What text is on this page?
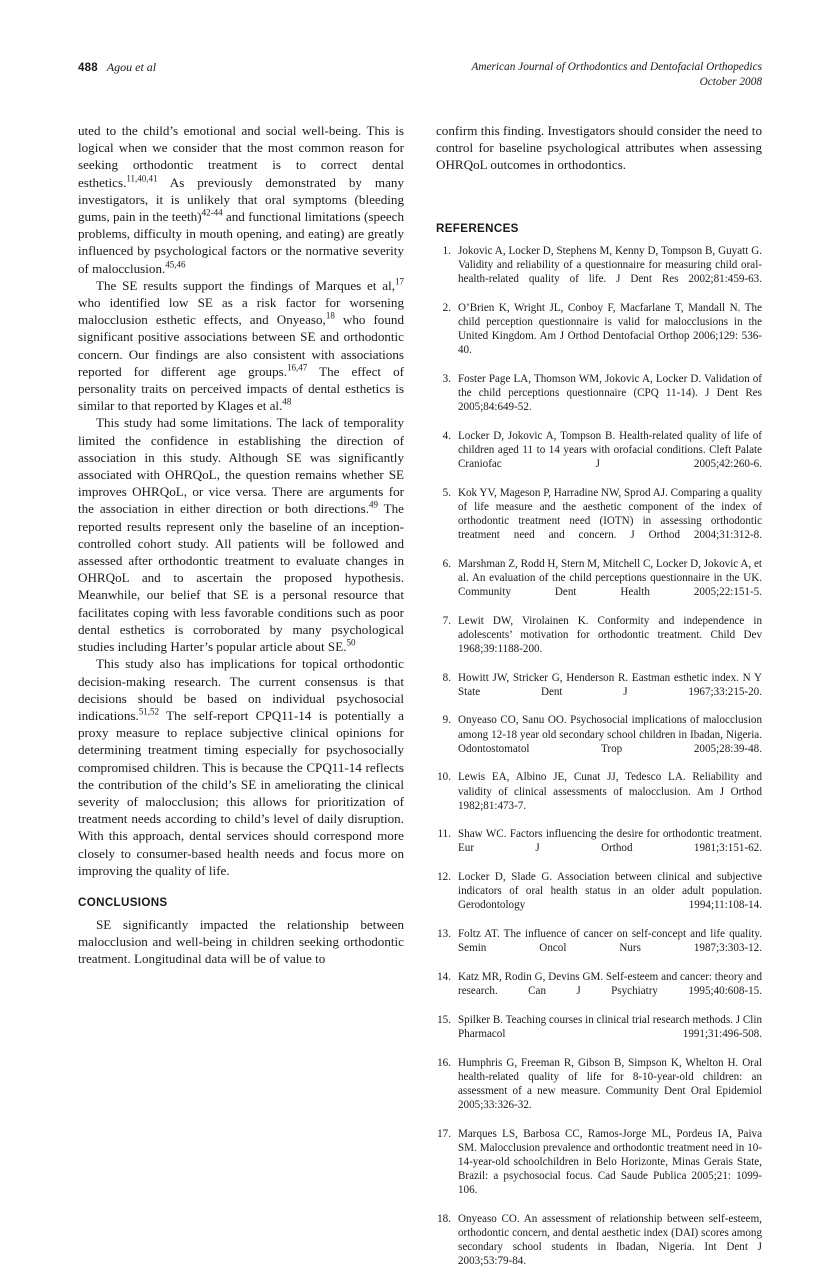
488 Agou et al	American Journal of Orthodontics and Dentofacial Orthopedics
October 2008

uted to the child’s emotional and social well-being. This is logical when we consider that the most common reason for seeking orthodontic treatment is to correct dental esthetics.$^{11,40,41}$ As previously demonstrated by many investigators, it is unlikely that oral symptoms (bleeding gums, pain in the teeth)$^{42-44}$ and functional limitations (speech problems, difficulty in mouth opening, and eating) are greatly influenced by psychological factors or the normative severity of malocclusion.$^{45,46}$

The SE results support the findings of Marques et al,$^{17}$ who identified low SE as a risk factor for worsening malocclusion esthetic effects, and Onyeaso,$^{18}$ who found significant positive associations between SE and orthodontic concern. Our findings are also consistent with associations reported for different age groups.$^{16,47}$ The effect of personality traits on perceived impacts of dental esthetics is similar to that reported by Klages et al.$^{48}$

This study had some limitations. The lack of temporality limited the confidence in establishing the direction of association in this study. Although SE was significantly associated with OHRQoL, the question remains whether SE improves OHRQoL, or vice versa. There are arguments for the association in either direction or both directions.$^{49}$ The reported results represent only the baseline of an inception-controlled cohort study. All patients will be followed and assessed after orthodontic treatment to evaluate changes in OHRQoL and to ascertain the proposed hypothesis. Meanwhile, our belief that SE is a personal resource that facilitates coping with less favorable conditions such as poor dental esthetics is corroborated by many psychological studies including Harter’s popular article about SE.$^{50}$

This study also has implications for topical orthodontic decision-making research. The current consensus is that decisions should be based on individual psychosocial indications.$^{51,52}$ The self-report CPQ11-14 is potentially a proxy measure to replace subjective clinical opinions for determining treatment timing especially for psychosocially compromised children. This is because the CPQ11-14 reflects the contribution of the child’s SE in ameliorating the clinical severity of malocclusion; this allows for prioritization of treatment needs according to child’s level of daily disruption. With this approach, dental services should correspond more closely to consumer-based health needs and focus more on improving the quality of life.

CONCLUSIONS

SE significantly impacted the relationship between malocclusion and well-being in children seeking orthodontic treatment. Longitudinal data will be of value to

confirm this finding. Investigators should consider the need to control for baseline psychological attributes when assessing OHRQoL outcomes in orthodontics.

REFERENCES
1. Jokovic A, Locker D, Stephens M, Kenny D, Tompson B, Guyatt G. Validity and reliability of a questionnaire for measuring child oral-health-related quality of life. J Dent Res 2002;81:459-63.
2. O’Brien K, Wright JL, Conboy F, Macfarlane T, Mandall N. The child perception questionnaire is valid for malocclusions in the United Kingdom. Am J Orthod Dentofacial Orthop 2006;129: 536-40.
3. Foster Page LA, Thomson WM, Jokovic A, Locker D. Validation of the child perceptions questionnaire (CPQ 11-14). J Dent Res 2005;84:649-52.
4. Locker D, Jokovic A, Tompson B. Health-related quality of life of children aged 11 to 14 years with orofacial conditions. Cleft Palate Craniofac J 2005;42:260-6.
5. Kok YV, Mageson P, Harradine NW, Sprod AJ. Comparing a quality of life measure and the aesthetic component of the index of orthodontic treatment need (IOTN) in assessing orthodontic treatment need and concern. J Orthod 2004;31:312-8.
6. Marshman Z, Rodd H, Stern M, Mitchell C, Locker D, Jokovic A, et al. An evaluation of the child perceptions questionnaire in the UK. Community Dent Health 2005;22:151-5.
7. Lewit DW, Virolainen K. Conformity and independence in adolescents’ motivation for orthodontic treatment. Child Dev 1968;39:1188-200.
8. Howitt JW, Stricker G, Henderson R. Eastman esthetic index. N Y State Dent J 1967;33:215-20.
9. Onyeaso CO, Sanu OO. Psychosocial implications of malocclusion among 12-18 year old secondary school children in Ibadan, Nigeria. Odontostomatol Trop 2005;28:39-48.
10. Lewis EA, Albino JE, Cunat JJ, Tedesco LA. Reliability and validity of clinical assessments of malocclusion. Am J Orthod 1982;81:473-7.
11. Shaw WC. Factors influencing the desire for orthodontic treatment. Eur J Orthod 1981;3:151-62.
12. Locker D, Slade G. Association between clinical and subjective indicators of oral health status in an older adult population. Gerodontology 1994;11:108-14.
13. Foltz AT. The influence of cancer on self-concept and life quality. Semin Oncol Nurs 1987;3:303-12.
14. Katz MR, Rodin G, Devins GM. Self-esteem and cancer: theory and research. Can J Psychiatry 1995;40:608-15.
15. Spilker B. Teaching courses in clinical trial research methods. J Clin Pharmacol 1991;31:496-508.
16. Humphris G, Freeman R, Gibson B, Simpson K, Whelton H. Oral health-related quality of life for 8-10-year-old children: an assessment of a new measure. Community Dent Oral Epidemiol 2005;33:326-32.
17. Marques LS, Barbosa CC, Ramos-Jorge ML, Pordeus IA, Paiva SM. Malocclusion prevalence and orthodontic treatment need in 10-14-year-old schoolchildren in Belo Horizonte, Minas Gerais State, Brazil: a psychosocial focus. Cad Saude Publica 2005;21: 1099-106.
18. Onyeaso CO. An assessment of relationship between self-esteem, orthodontic concern, and dental aesthetic index (DAI) scores among secondary school students in Ibadan, Nigeria. Int Dent J 2003;53:79-84.
